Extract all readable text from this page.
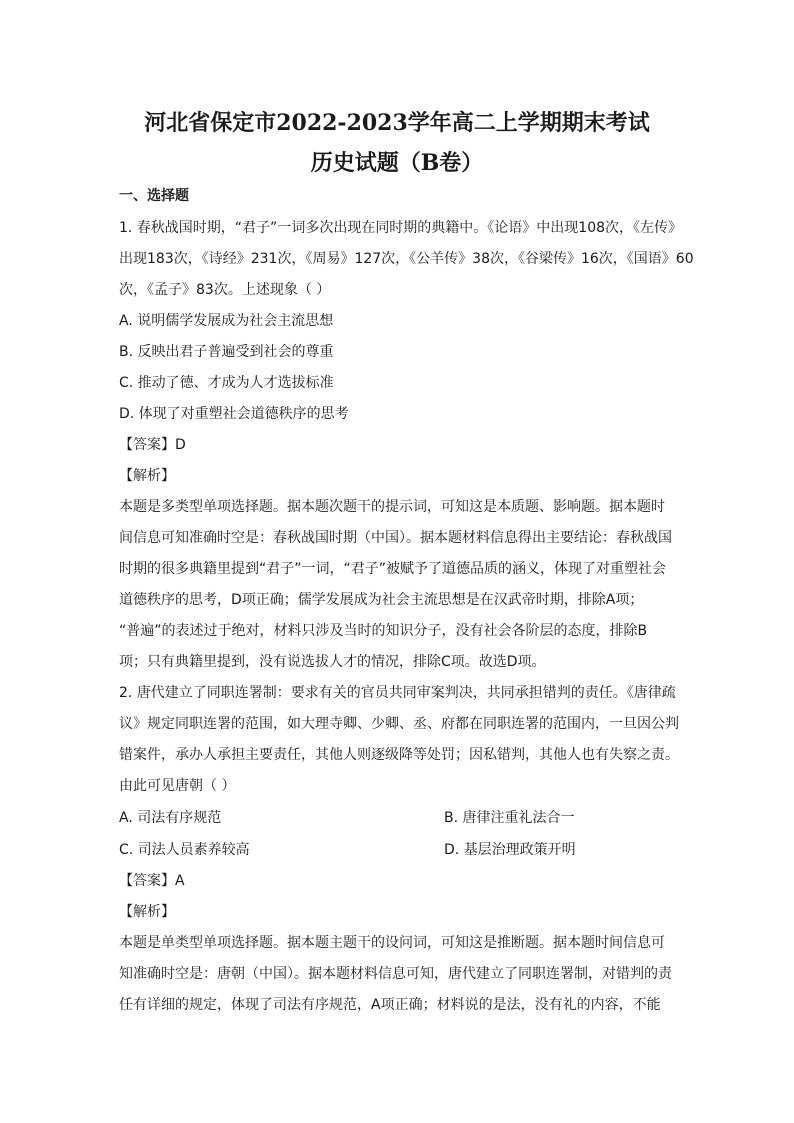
河北省保定市2022-2023学年高二上学期期末考试
历史试题（B卷）
一、选择题
1. 春秋战国时期，“君子”一词多次出现在同时期的典籍中。《论语》中出现108次，《左传》
出现183次，《诗经》231次，《周易》127次，《公羊传》38次，《谷梁传》16次，《国语》60
次，《孟子》83次。上述现象（ ）
A. 说明儒学发展成为社会主流思想
B. 反映出君子普遍受到社会的尊重
C. 推动了德、才成为人才选拔标准
D. 体现了对重塑社会道德秩序的思考
【答案】D
【解析】
本题是多类型单项选择题。据本题次题干的提示词，可知这是本质题、影响题。据本题时
间信息可知准确时空是：春秋战国时期（中国）。据本题材料信息得出主要结论：春秋战国
时期的很多典籍里提到“君子”一词，“君子”被赋予了道德品质的涵义，体现了对重塑社会
道德秩序的思考，D项正确；儒学发展成为社会主流思想是在汉武帝时期，排除A项；
“普遍”的表述过于绝对，材料只涉及当时的知识分子，没有社会各阶层的态度，排除B
项；只有典籍里提到，没有说选拔人才的情况，排除C项。故选D项。
2. 唐代建立了同职连署制：要求有关的官员共同审案判决，共同承担错判的责任。《唐律疏
议》规定同职连署的范围，如大理寺卿、少卿、丞、府都在同职连署的范围内，一旦因公判
错案件，承办人承担主要责任，其他人则逐级降等处罚；因私错判，其他人也有失察之责。
由此可见唐朝（ ）
A. 司法有序规范	B. 唐律注重礼法合一
C. 司法人员素养较高	D. 基层治理政策开明
【答案】A
【解析】
本题是单类型单项选择题。据本题主题干的设问词，可知这是推断题。据本题时间信息可
知准确时空是：唐朝（中国）。据本题材料信息可知，唐代建立了同职连署制，对错判的责
任有详细的规定，体现了司法有序规范，A项正确；材料说的是法，没有礼的内容，不能
